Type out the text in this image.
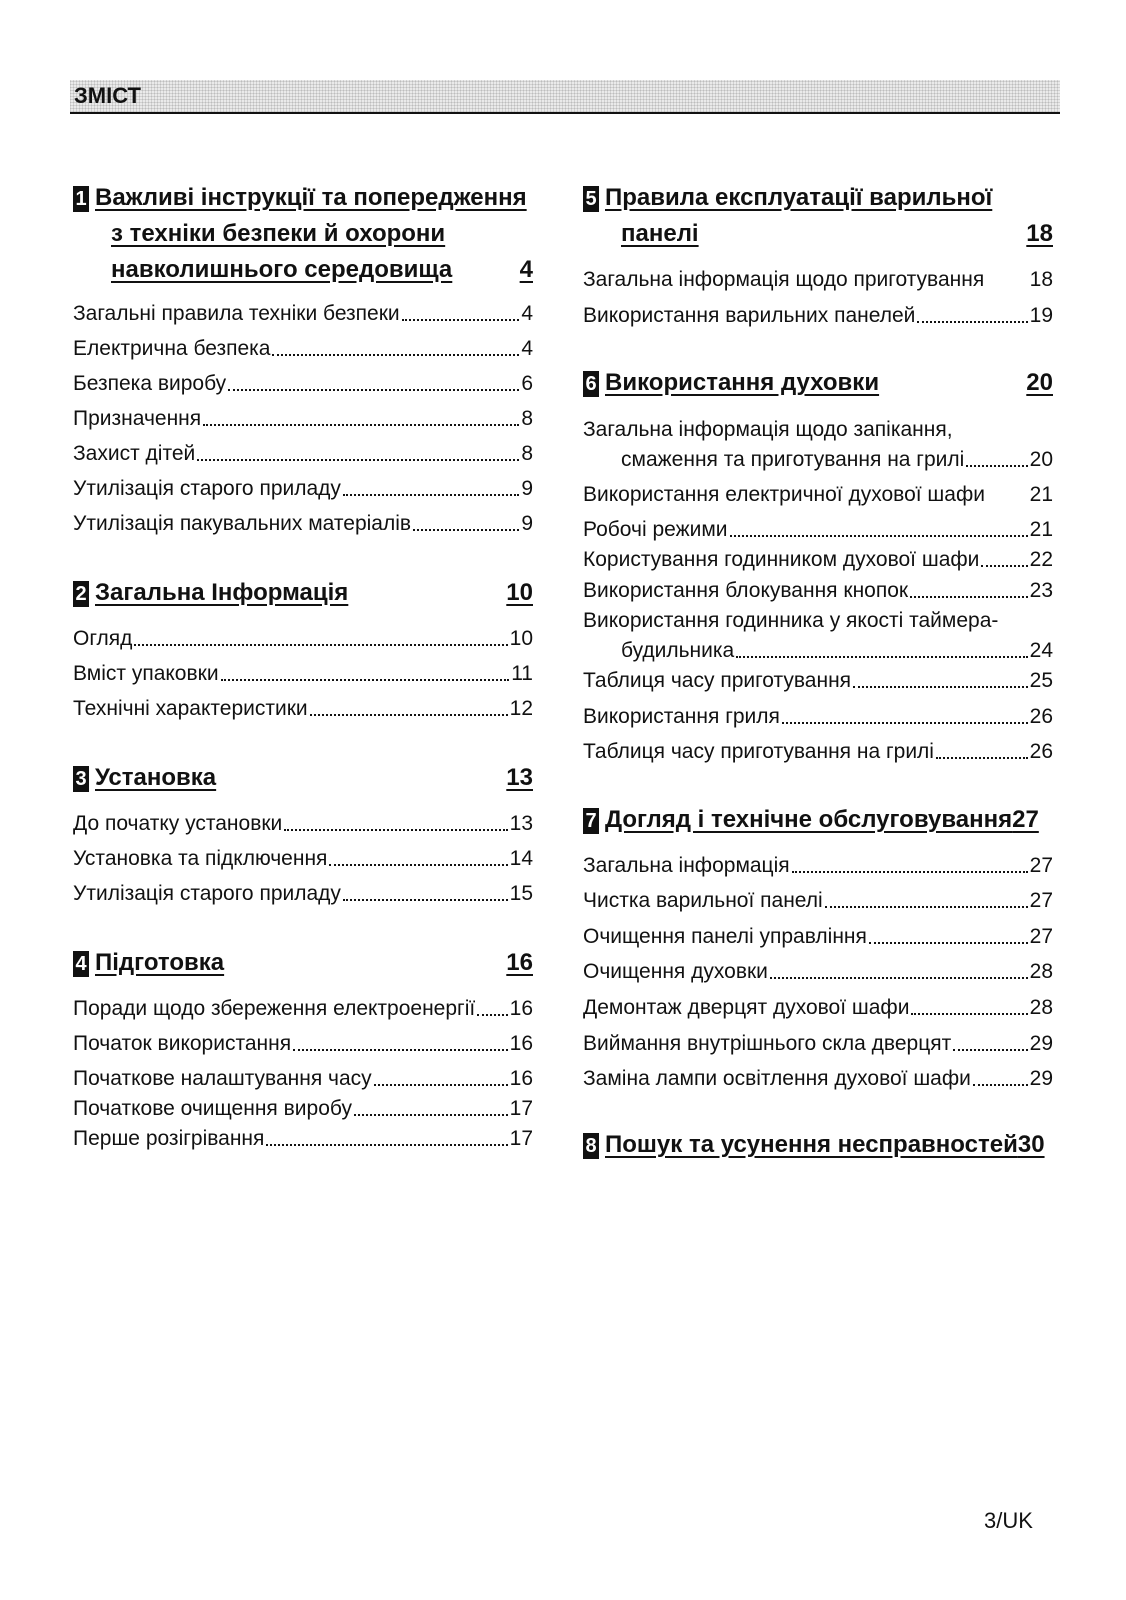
ЗМІСТ
1 Важливі інструкції та попередження
з техніки безпеки й охорони
навколишнього середовища	4
Загальні правила техніки безпеки	4
Електрична безпека	4
Безпека виробу	6
Призначення	8
Захист дітей	8
Утилізація старого приладу	9
Утилізація пакувальних матеріалів	9
2 Загальна Інформація	10
Огляд	10
Вміст упаковки	11
Технічні характеристики	12
3 Установка	13
До початку установки	13
Установка та підключення	14
Утилізація старого приладу	15
4 Підготовка	16
Поради щодо збереження електроенергії 16
Початок використання	16
Початкове налаштування часу	16
Початкове очищення виробу	17
Перше розігрівання	17
5 Правила експлуатації варильної
панелі	18
Загальна інформація щодо приготування 18
Використання варильних панелей	19
6 Використання духовки	20
Загальна інформація щодо запікання,
смаження та приготування на грилі	20
Використання електричної духової шафи 21
Робочі режими	21
Користування годинником духової шафи 22
Використання блокування кнопок	23
Використання годинника у якості таймера-
будильника	24
Таблиця часу приготування	25
Використання гриля	26
Таблиця часу приготування на грилі	26
7 Догляд і технічне обслуговування 27
Загальна інформація	27
Чистка варильної панелі	27
Очищення панелі управління	27
Очищення духовки	28
Демонтаж дверцят духової шафи	28
Виймання внутрішнього скла дверцят	29
Заміна лампи освітлення духової шафи	29
8 Пошук та усунення несправностей 30
3/UK
